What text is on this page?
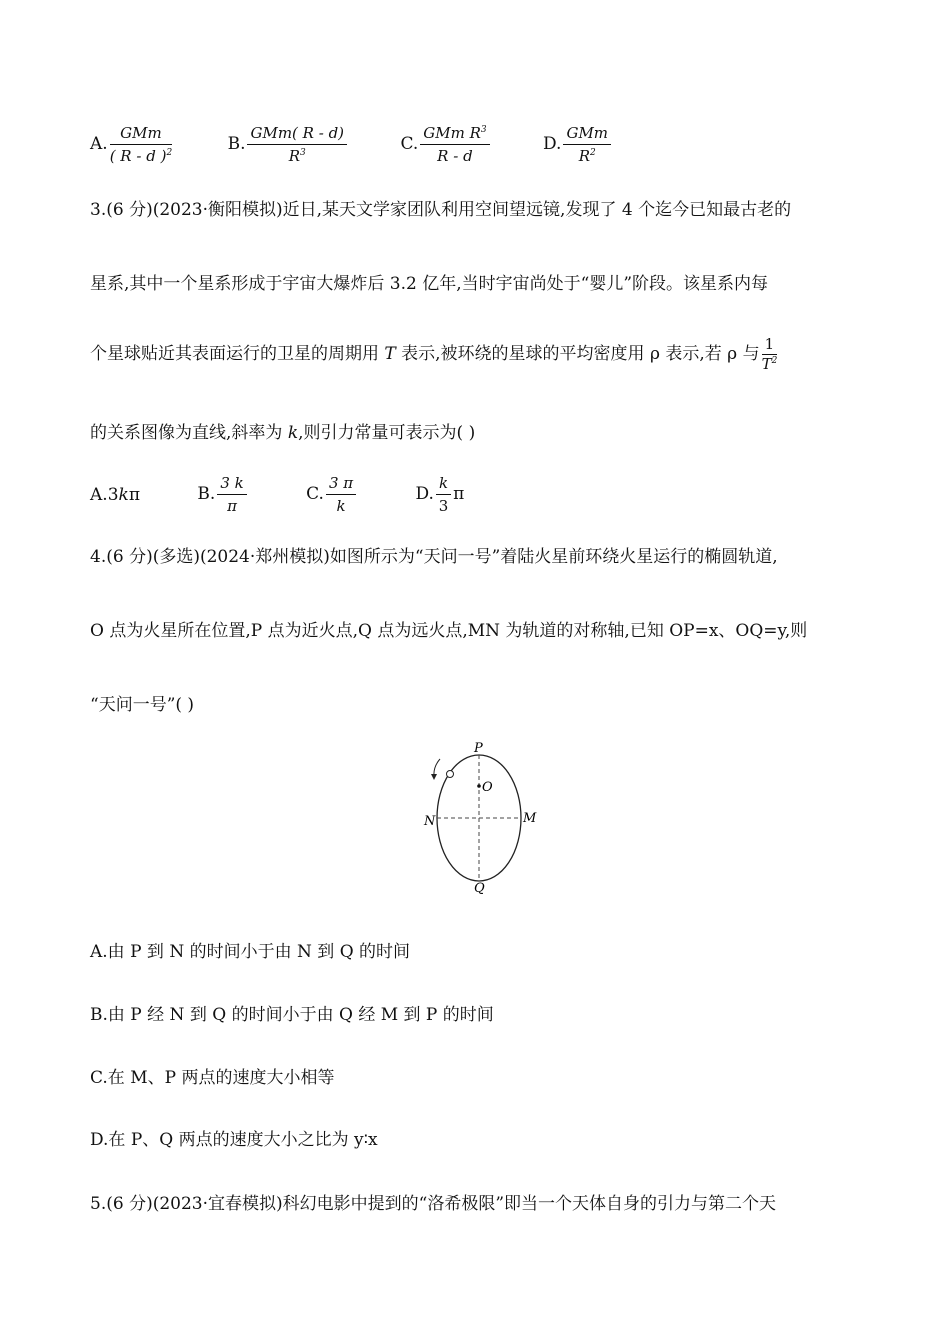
A. $\frac{\text{GMm}}{( R - d )^2}$	B. $\frac{\text{GMm( R - d)}}{R^3}$	C. $\frac{GMm R^3}{R - d}$	D. $\frac{\text{GMm}}{R^2}$
3.(6 分)(2023·衡阳模拟)近日,某天文学家团队利用空间望远镜,发现了 4 个迄今已知最古老的
星系,其中一个星系形成于宇宙大爆炸后 3.2 亿年,当时宇宙尚处于“婴儿”阶段。该星系内每
个星球贴近其表面运行的卫星的周期用 T 表示,被环绕的星球的平均密度用 ρ 表示,若 ρ 与 $\frac{1}{T^2}$
的关系图像为直线,斜率为 k,则引力常量可表示为( )
A.3kπ	B. $\frac{3 k}{\pi}$	C. $\frac{3 \pi}{k}$	D. $\frac{k}{3}$ π
4.(6 分)(多选)(2024·郑州模拟)如图所示为“天问一号”着陆火星前环绕火星运行的椭圆轨道,
O 点为火星所在位置,P 点为近火点,Q 点为远火点,MN 为轨道的对称轴,已知 OP=x、OQ=y,则
“天问一号”( )
P
O
N	M
Q
A.由 P 到 N 的时间小于由 N 到 Q 的时间
B.由 P 经 N 到 Q 的时间小于由 Q 经 M 到 P 的时间
C.在 M、P 两点的速度大小相等
D.在 P、Q 两点的速度大小之比为 y∶x
5.(6 分)(2023·宜春模拟)科幻电影中提到的“洛希极限”即当一个天体自身的引力与第二个天
